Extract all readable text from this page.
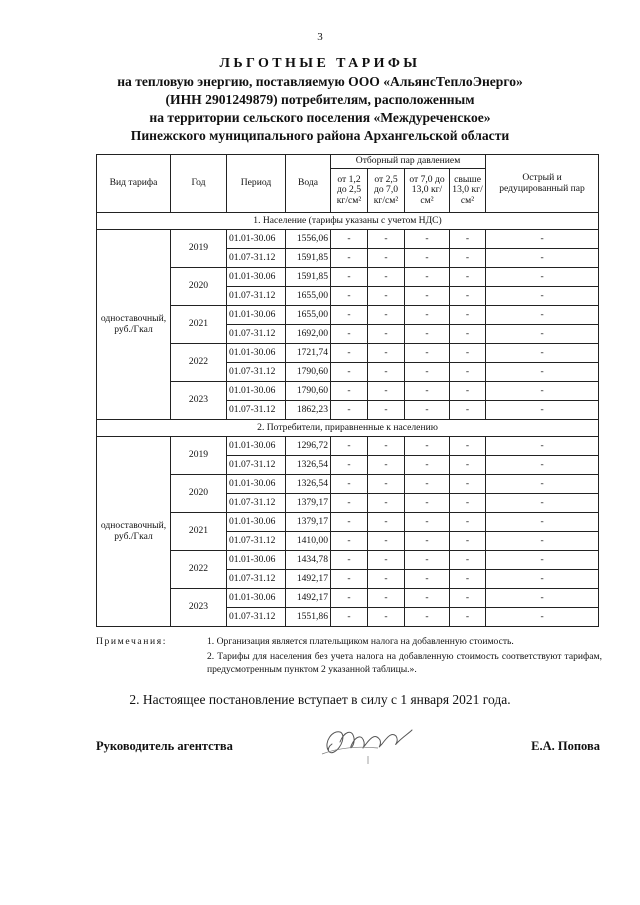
3
ЛЬГОТНЫЕ ТАРИФЫ
на тепловую энергию, поставляемую ООО «АльянсТеплоЭнерго»
(ИНН 2901249879) потребителям, расположенным
на территории сельского поселения «Междуреченское»
Пинежского муниципального района Архангельской области
Вид тарифа	Год	Период	Вода	Отборный пар давлением				Острый и редуцированный пар
				от 1,2 до 2,5 кг/см²	от 2,5 до 7,0 кг/см²	от 7,0 до 13,0 кг/см²	свыше 13,0 кг/см²	
1. Население (тарифы указаны с учетом НДС)								
одноставочный, руб./Гкал	2019	01.01-30.06	1556,06	-	-	-	-	-
		01.07-31.12	1591,85	-	-	-	-	-
	2020	01.01-30.06	1591,85	-	-	-	-	-
		01.07-31.12	1655,00	-	-	-	-	-
	2021	01.01-30.06	1655,00	-	-	-	-	-
		01.07-31.12	1692,00	-	-	-	-	-
	2022	01.01-30.06	1721,74	-	-	-	-	-
		01.07-31.12	1790,60	-	-	-	-	-
	2023	01.01-30.06	1790,60	-	-	-	-	-
		01.07-31.12	1862,23	-	-	-	-	-
2. Потребители, приравненные к населению								
одноставочный, руб./Гкал	2019	01.01-30.06	1296,72	-	-	-	-	-
		01.07-31.12	1326,54	-	-	-	-	-
	2020	01.01-30.06	1326,54	-	-	-	-	-
		01.07-31.12	1379,17	-	-	-	-	-
	2021	01.01-30.06	1379,17	-	-	-	-	-
		01.07-31.12	1410,00	-	-	-	-	-
	2022	01.01-30.06	1434,78	-	-	-	-	-
		01.07-31.12	1492,17	-	-	-	-	-
	2023	01.01-30.06	1492,17	-	-	-	-	-
		01.07-31.12	1551,86	-	-	-	-	-
Примечания:	1. Организация является плательщиком налога на добавленную стоимость.
2. Тарифы для населения без учета налога на добавленную стоимость соответствуют тарифам, предусмотренным пунктом 2 указанной таблицы.».
2. Настоящее постановление вступает в силу с 1 января 2021 года.
Руководитель агентства	Е.А. Попова
